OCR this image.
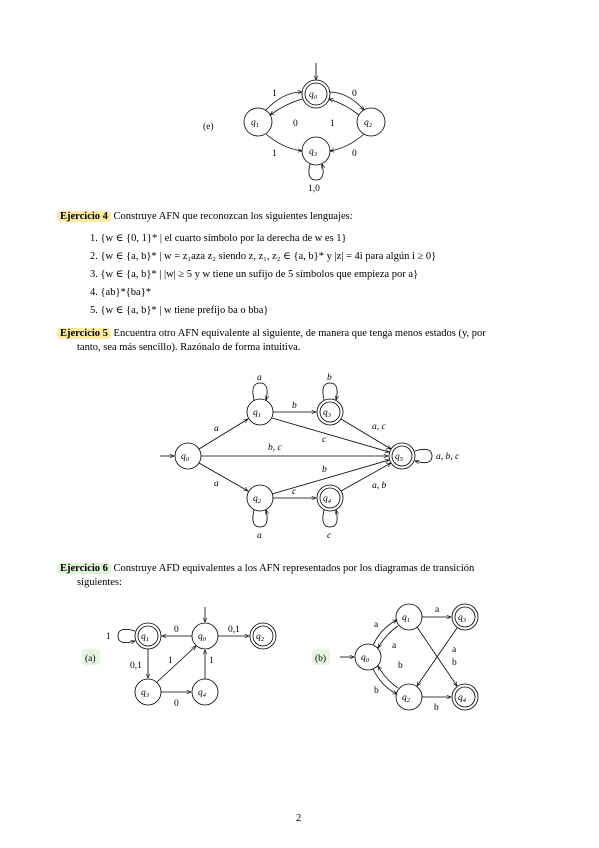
$q_0$
$q_1$	$q_2$
$q_3$
1	0
0	1
1	0
1,0
(e)
Ejercicio 4 Construye AFN que reconozcan los siguientes lenguajes:
1. {w ∈ {0, 1}* | el cuarto símbolo por la derecha de w es 1}
2. {w ∈ {a, b}* | w = z₁aza z₂ siendo z, z₁, z₂ ∈ {a, b}* y |z| = 4i para algún i ≥ 0}
3. {w ∈ {a, b}* | |w| ≥ 5 y w tiene un sufijo de 5 símbolos que empieza por a}
4. {ab}*{ba}*
5. {w ∈ {a, b}* | w tiene prefijo ba o bba}
Ejercicio 5 Encuentra otro AFN equivalente al siguiente, de manera que tenga menos estados (y, por
tanto, sea más sencillo). Razónalo de forma intuitiva.
$q_0$
$q_1$	$q_3$
$q_2$	$q_4$
$q_5$
a	b
a	c
b
a
a
b, c
c
a, c
b
c
a, b
a, b, c
Ejercicio 6 Construye AFD equivalentes a los AFN representados por los diagramas de transición
siguientes:
$q_0$
$q_1$	$q_2$
$q_3$	$q_4$
1
0	0,1
0,1	1
0
1
(a)	$q_0$
$q_1$
$q_2$
$q_3$
$q_4$
a
a
a
b
b
b
b
a
(b)
2
